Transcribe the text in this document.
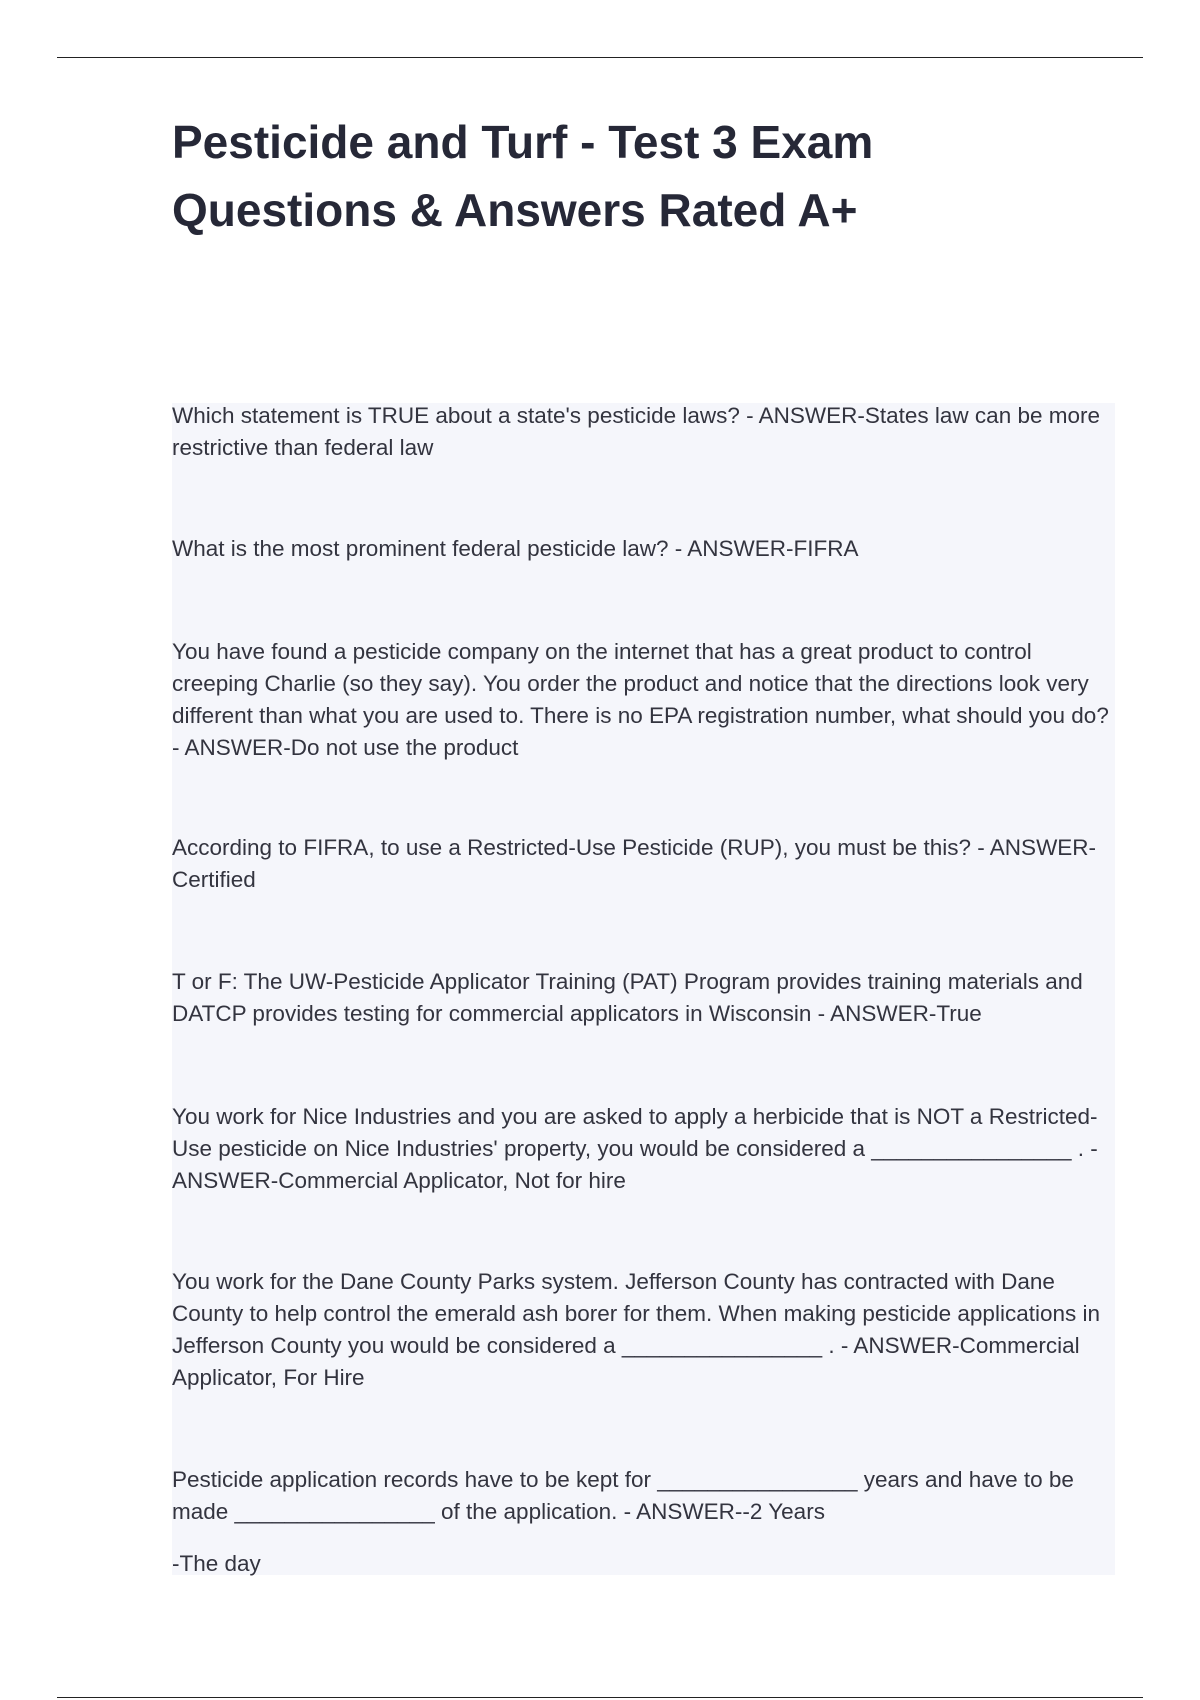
Pesticide and Turf - Test 3 Exam
Questions & Answers Rated A+

Which statement is TRUE about a state's pesticide laws? - ANSWER-States law can be more restrictive than federal law

What is the most prominent federal pesticide law? - ANSWER-FIFRA

You have found a pesticide company on the internet that has a great product to control creeping Charlie (so they say). You order the product and notice that the directions look very different than what you are used to. There is no EPA registration number, what should you do? - ANSWER-Do not use the product

According to FIFRA, to use a Restricted-Use Pesticide (RUP), you must be this? - ANSWER-Certified

T or F: The UW-Pesticide Applicator Training (PAT) Program provides training materials and DATCP provides testing for commercial applicators in Wisconsin - ANSWER-True

You work for Nice Industries and you are asked to apply a herbicide that is NOT a Restricted-Use pesticide on Nice Industries' property, you would be considered a ________________ . - ANSWER-Commercial Applicator, Not for hire

You work for the Dane County Parks system. Jefferson County has contracted with Dane County to help control the emerald ash borer for them. When making pesticide applications in Jefferson County you would be considered a ________________ . - ANSWER-Commercial Applicator, For Hire

Pesticide application records have to be kept for ________________ years and have to be made ________________ of the application. - ANSWER--2 Years

-The day
